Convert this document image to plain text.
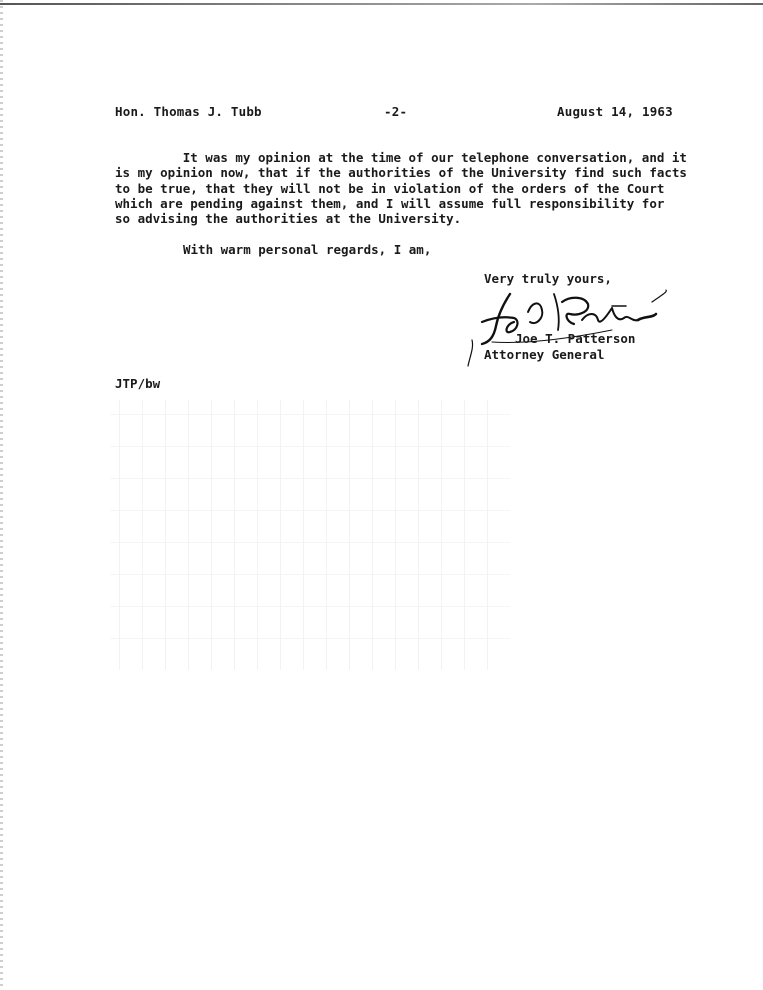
Hon. Thomas J. Tubb	-2-	August 14, 1963
It was my opinion at the time of our telephone conversation, and it
is my opinion now, that if the authorities of the University find such facts
to be true, that they will not be in violation of the orders of the Court
which are pending against them, and I will assume full responsibility for
so advising the authorities at the University.
With warm personal regards, I am,
Very truly yours,
Joe T. Patterson
Attorney General
JTP/bw
